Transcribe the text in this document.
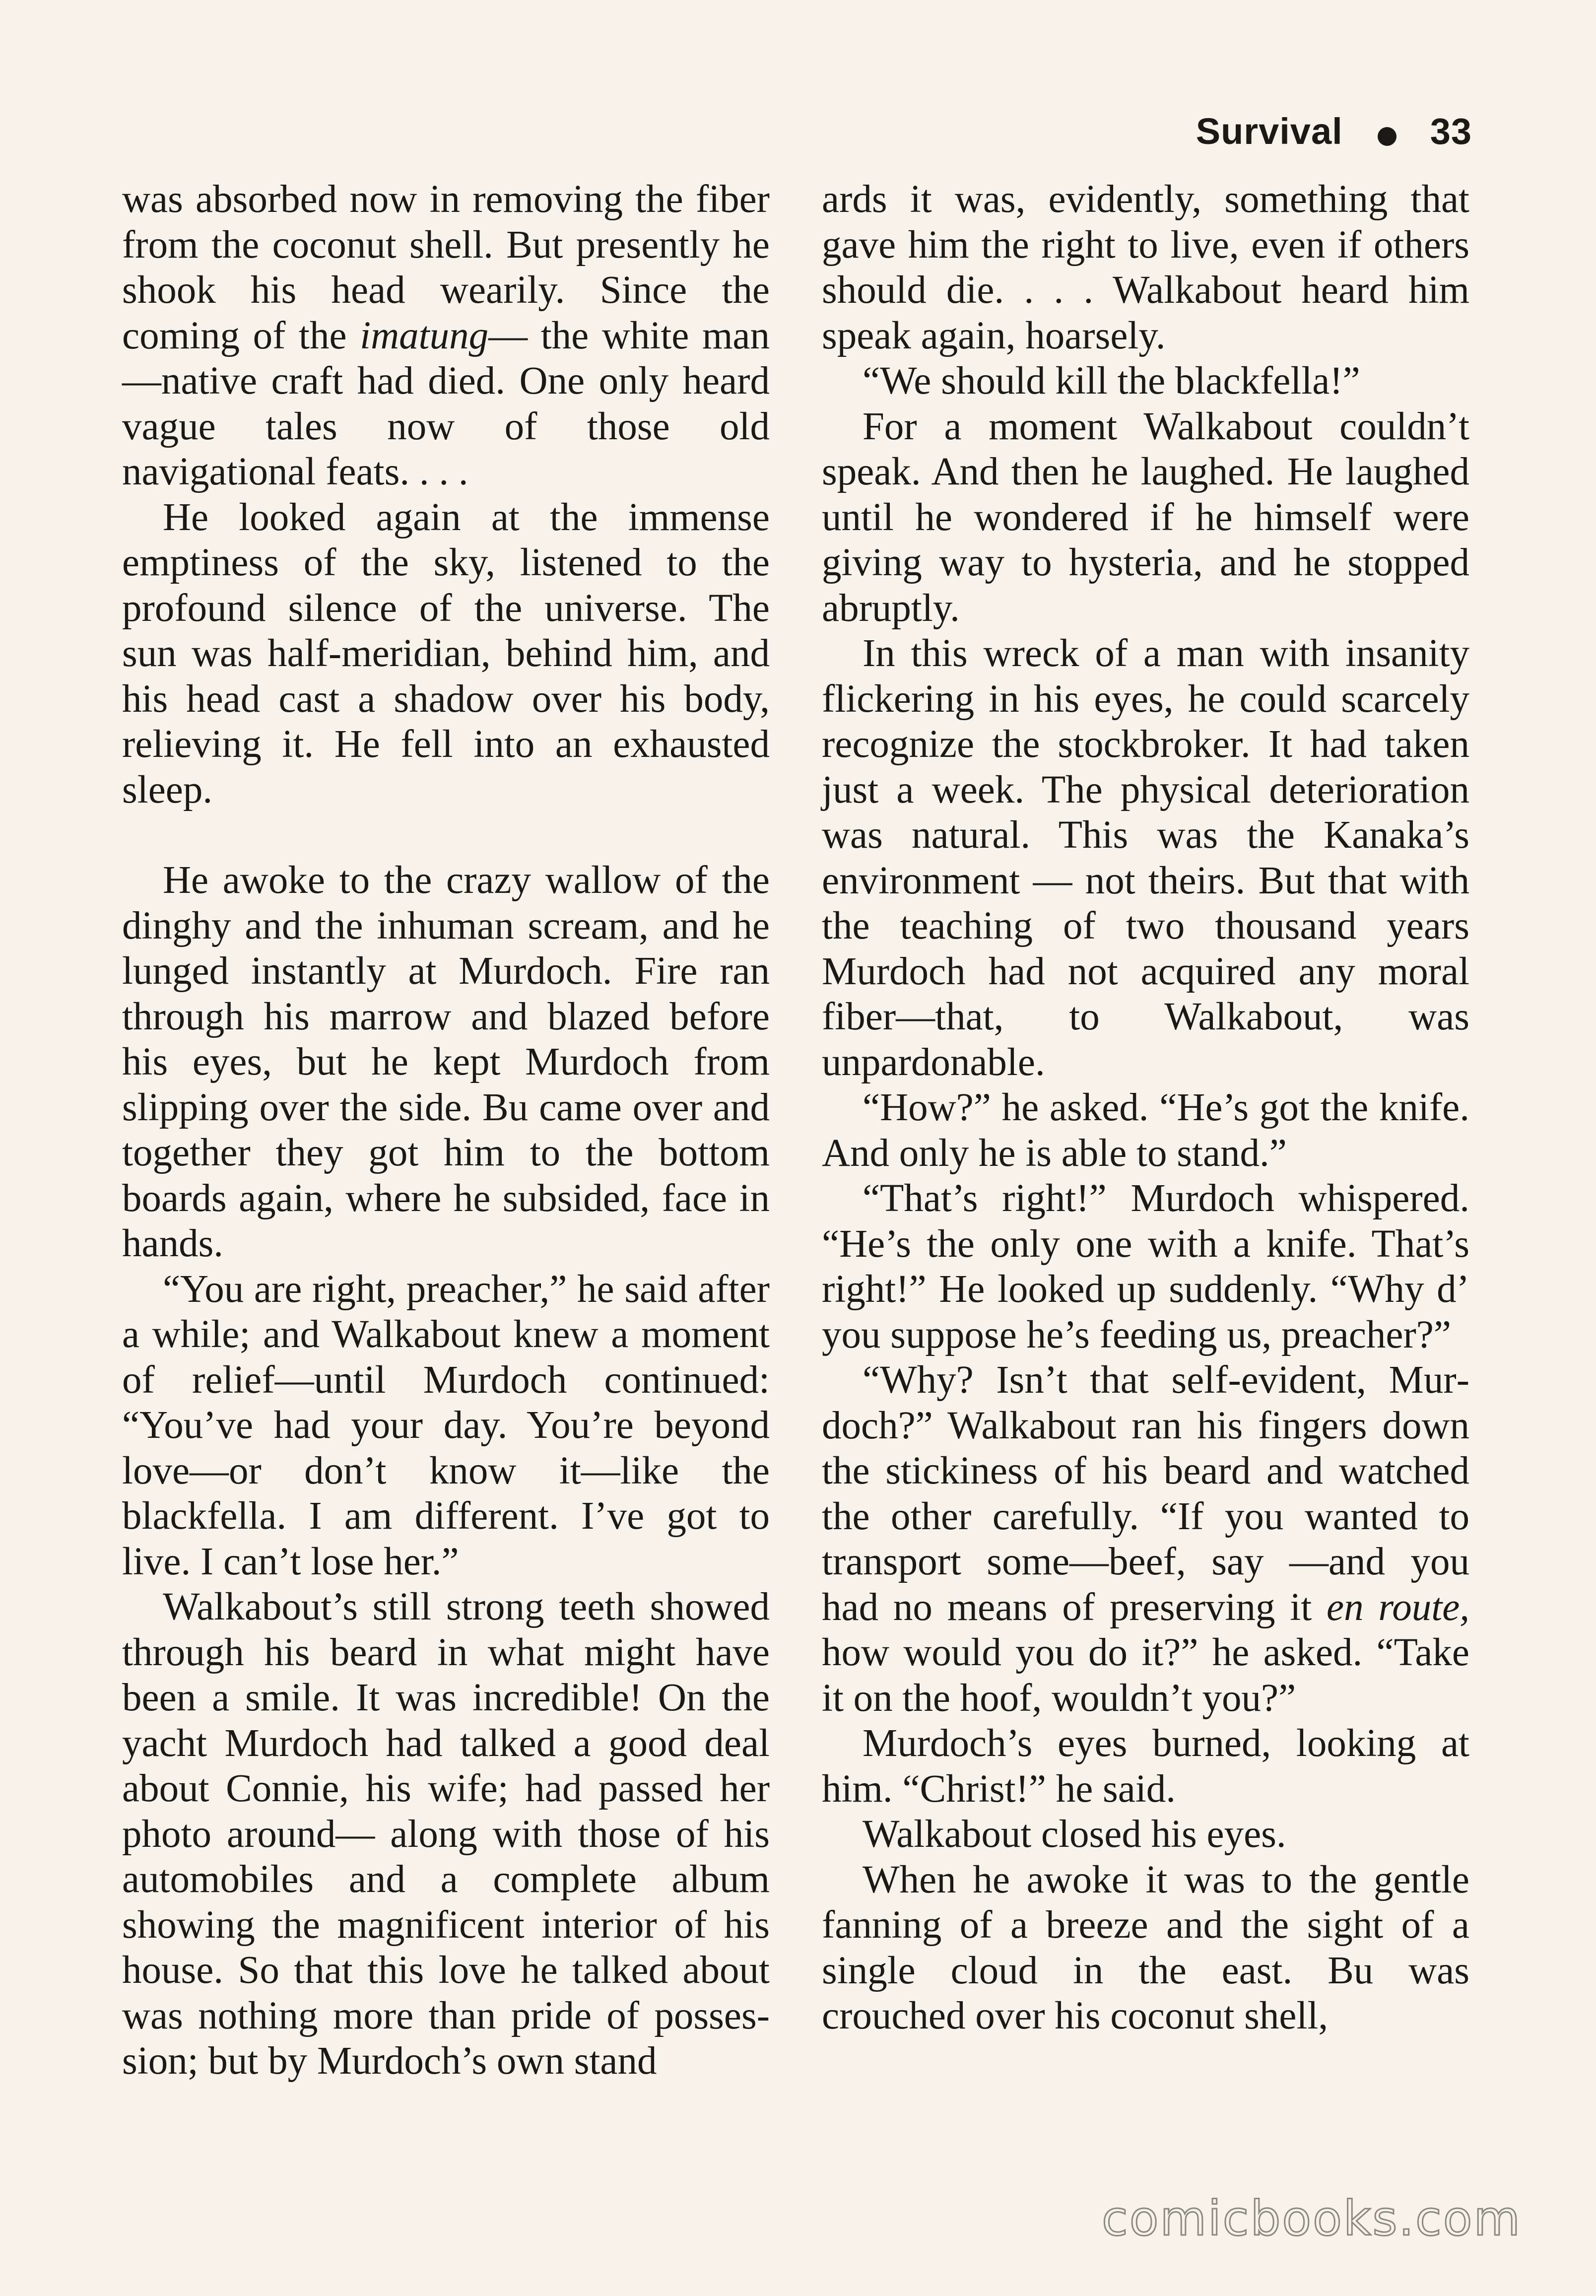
Survival 33

was absorbed now in removing the fiber from the coconut shell. But presently he shook his head wearily. Since the coming of the imatung— the white man—native craft had died. One only heard vague tales now of those old navigational feats. . . .

He looked again at the immense emptiness of the sky, listened to the profound silence of the universe. The sun was half-meridian, behind him, and his head cast a shadow over his body, relieving it. He fell into an exhausted sleep.

He awoke to the crazy wallow of the dinghy and the inhuman scream, and he lunged instantly at Murdoch. Fire ran through his marrow and blazed before his eyes, but he kept Murdoch from slipping over the side. Bu came over and together they got him to the bottom boards again, where he subsided, face in hands.

“You are right, preacher,” he said after a while; and Walkabout knew a moment of relief—until Murdoch continued: “You’ve had your day. You’re beyond love—or don’t know it—like the blackfella. I am different. I’ve got to live. I can’t lose her.”

Walkabout’s still strong teeth showed through his beard in what might have been a smile. It was incredible! On the yacht Murdoch had talked a good deal about Connie, his wife; had passed her photo around— along with those of his automobiles and a complete album showing the magnificent interior of his house. So that this love he talked about was nothing more than pride of possession; but by Murdoch’s own stand

ards it was, evidently, something that gave him the right to live, even if others should die. . . . Walkabout heard him speak again, hoarsely.

“We should kill the blackfella!”

For a moment Walkabout couldn’t speak. And then he laughed. He laughed until he wondered if he himself were giving way to hysteria, and he stopped abruptly.

In this wreck of a man with insanity flickering in his eyes, he could scarcely recognize the stockbroker. It had taken just a week. The physical deterioration was natural. This was the Kanaka’s environment — not theirs. But that with the teaching of two thousand years Murdoch had not acquired any moral fiber—that, to Walkabout, was unpardonable.

“How?” he asked. “He’s got the knife. And only he is able to stand.”

“That’s right!” Murdoch whispered. “He’s the only one with a knife. That’s right!” He looked up suddenly. “Why d’ you suppose he’s feeding us, preacher?”

“Why? Isn’t that self-evident, Murdoch?” Walkabout ran his fingers down the stickiness of his beard and watched the other carefully. “If you wanted to transport some—beef, say —and you had no means of preserving it en route, how would you do it?” he asked. “Take it on the hoof, wouldn’t you?”

Murdoch’s eyes burned, looking at him. “Christ!” he said.

Walkabout closed his eyes.

When he awoke it was to the gentle fanning of a breeze and the sight of a single cloud in the east. Bu was crouched over his coconut shell,

comicbooks.com
